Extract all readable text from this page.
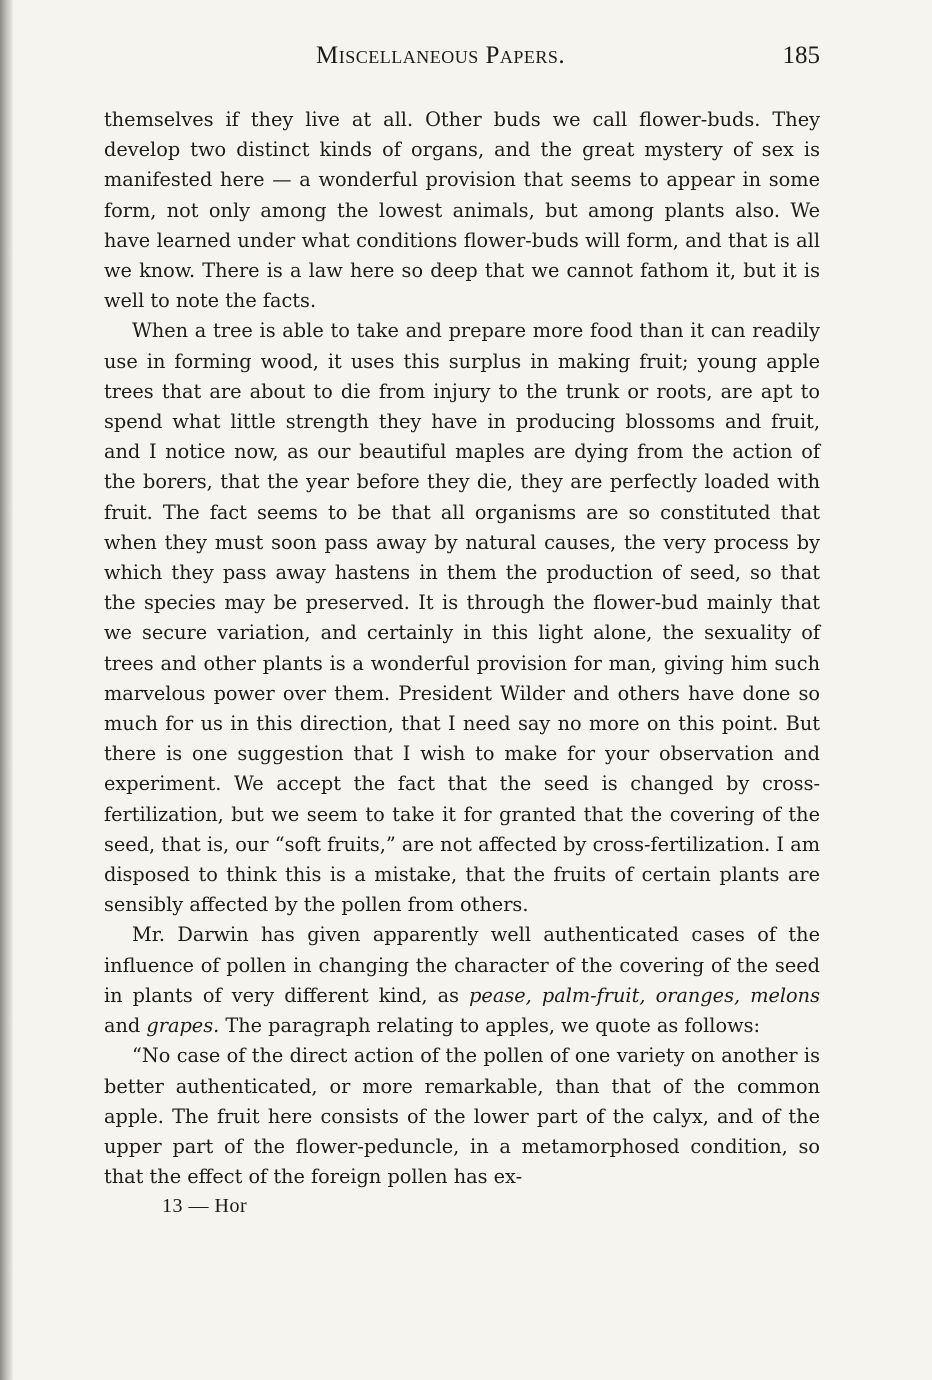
Miscellaneous Papers.	185

themselves if they live at all. Other buds we call flower-buds. They develop two distinct kinds of organs, and the great mystery of sex is manifested here — a wonderful provision that seems to appear in some form, not only among the lowest animals, but among plants also. We have learned under what conditions flower-buds will form, and that is all we know. There is a law here so deep that we cannot fathom it, but it is well to note the facts.

When a tree is able to take and prepare more food than it can readily use in forming wood, it uses this surplus in making fruit; young apple trees that are about to die from injury to the trunk or roots, are apt to spend what little strength they have in producing blossoms and fruit, and I notice now, as our beautiful maples are dying from the action of the borers, that the year before they die, they are perfectly loaded with fruit. The fact seems to be that all organisms are so constituted that when they must soon pass away by natural causes, the very process by which they pass away hastens in them the production of seed, so that the species may be preserved. It is through the flower-bud mainly that we secure variation, and certainly in this light alone, the sexuality of trees and other plants is a wonderful provision for man, giving him such marvelous power over them. President Wilder and others have done so much for us in this direction, that I need say no more on this point. But there is one suggestion that I wish to make for your observation and experiment. We accept the fact that the seed is changed by cross-fertilization, but we seem to take it for granted that the covering of the seed, that is, our “soft fruits,” are not affected by cross-fertilization. I am disposed to think this is a mistake, that the fruits of certain plants are sensibly affected by the pollen from others.

Mr. Darwin has given apparently well authenticated cases of the influence of pollen in changing the character of the covering of the seed in plants of very different kind, as pease, palm-fruit, oranges, melons and grapes. The paragraph relating to apples, we quote as follows:

“No case of the direct action of the pollen of one variety on another is better authenticated, or more remarkable, than that of the common apple. The fruit here consists of the lower part of the calyx, and of the upper part of the flower-peduncle, in a metamorphosed condition, so that the effect of the foreign pollen has ex-

13 — Hor
